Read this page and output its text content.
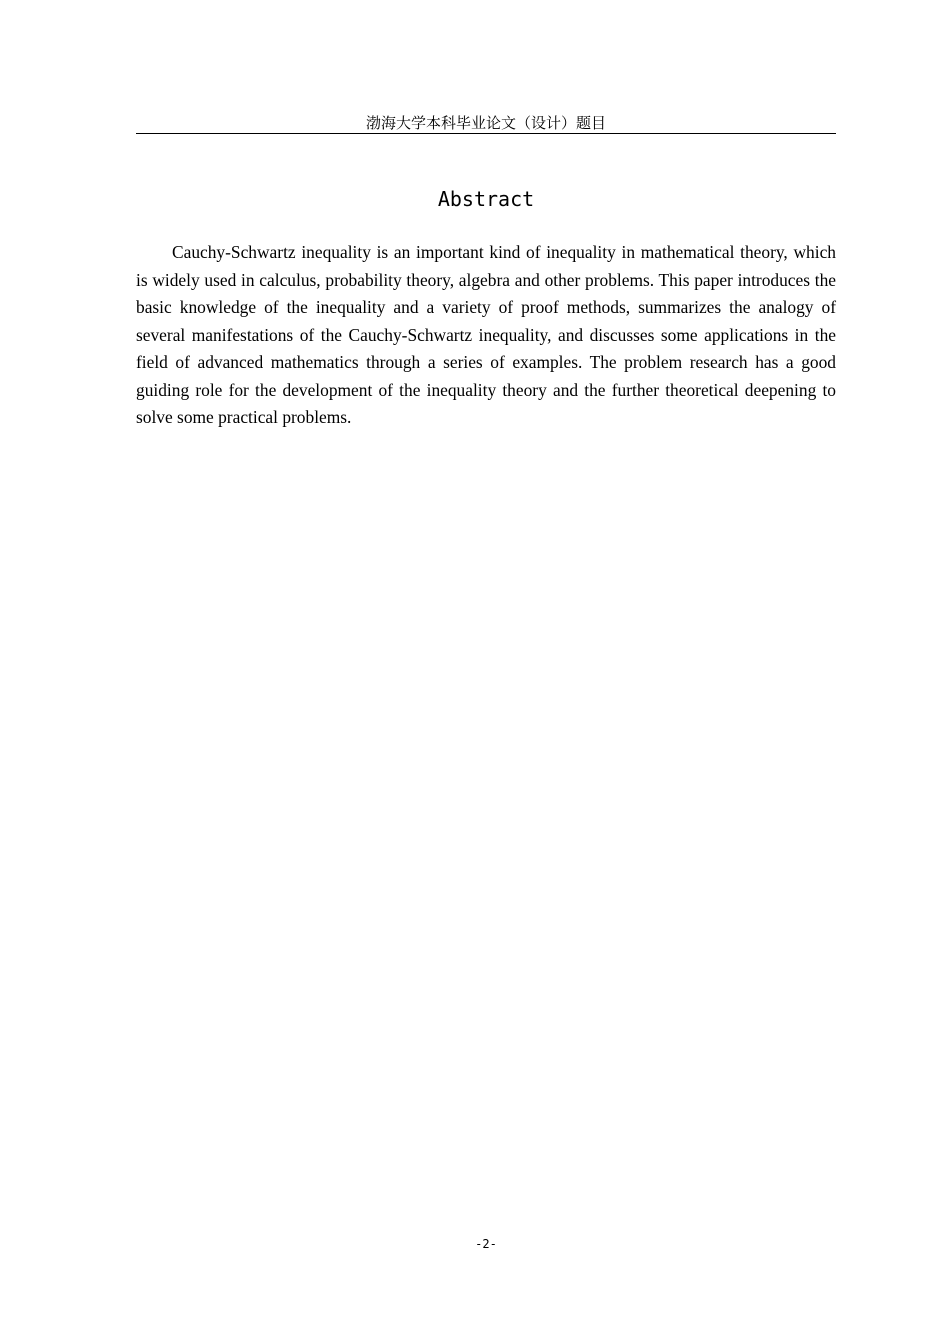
渤海大学本科毕业论文（设计）题目
Abstract

Cauchy-Schwartz inequality is an important kind of inequality in mathematical theory, which is widely used in calculus, probability theory, algebra and other problems. This paper introduces the basic knowledge of the inequality and a variety of proof methods, summarizes the analogy of several manifestations of the Cauchy-Schwartz inequality, and discusses some applications in the field of advanced mathematics through a series of examples. The problem research has a good guiding role for the development of the inequality theory and the further theoretical deepening to solve some practical problems.

-2-
